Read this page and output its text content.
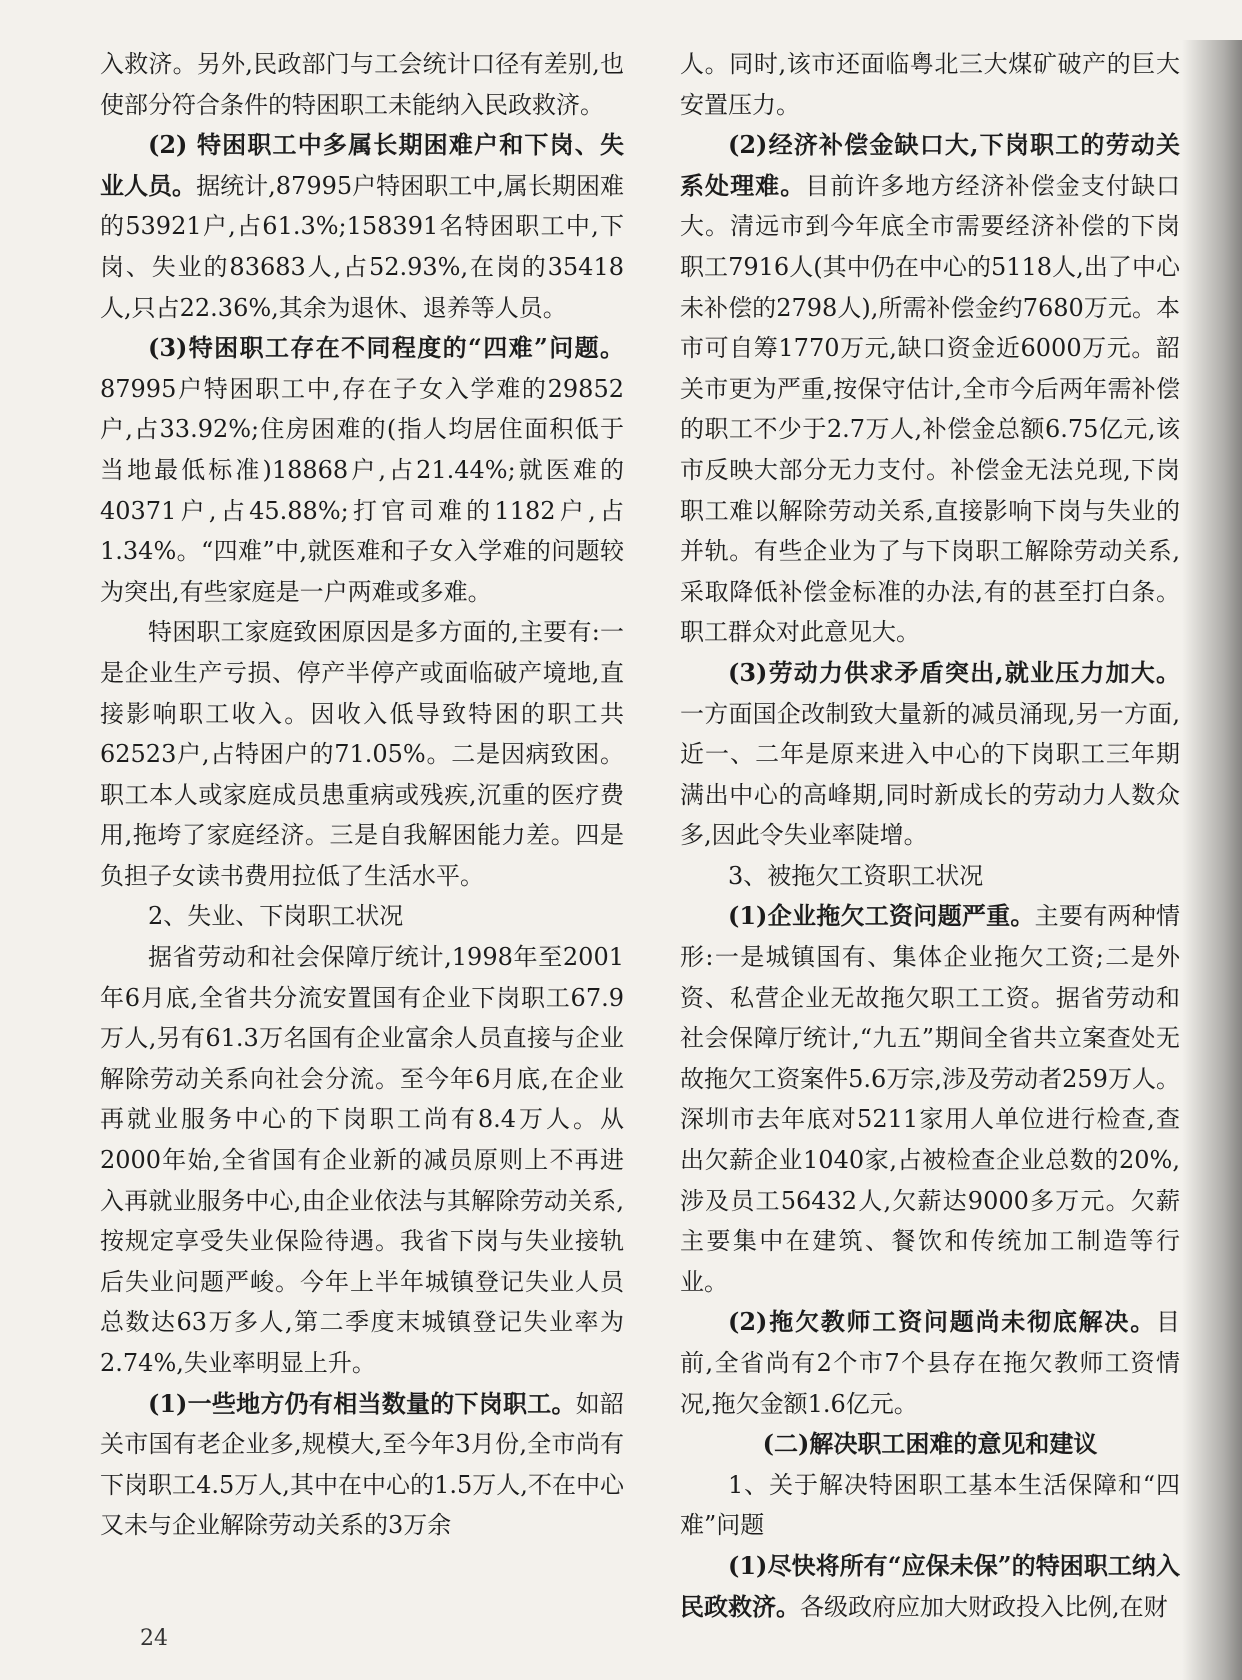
入救济。另外,民政部门与工会统计口径有差别,也使部分符合条件的特困职工未能纳入民政救济。

(2) 特困职工中多属长期困难户和下岗、失业人员。据统计,87995户特困职工中,属长期困难的53921户,占61.3%;158391名特困职工中,下岗、失业的83683人,占52.93%,在岗的35418人,只占22.36%,其余为退休、退养等人员。

(3)特困职工存在不同程度的“四难”问题。87995户特困职工中,存在子女入学难的29852户,占33.92%;住房困难的(指人均居住面积低于当地最低标准)18868户,占21.44%;就医难的40371户,占45.88%;打官司难的1182户,占1.34%。“四难”中,就医难和子女入学难的问题较为突出,有些家庭是一户两难或多难。

特困职工家庭致困原因是多方面的,主要有:一是企业生产亏损、停产半停产或面临破产境地,直接影响职工收入。因收入低导致特困的职工共62523户,占特困户的71.05%。二是因病致困。职工本人或家庭成员患重病或残疾,沉重的医疗费用,拖垮了家庭经济。三是自我解困能力差。四是负担子女读书费用拉低了生活水平。

2、失业、下岗职工状况

据省劳动和社会保障厅统计,1998年至2001年6月底,全省共分流安置国有企业下岗职工67.9万人,另有61.3万名国有企业富余人员直接与企业解除劳动关系向社会分流。至今年6月底,在企业再就业服务中心的下岗职工尚有8.4万人。从2000年始,全省国有企业新的减员原则上不再进入再就业服务中心,由企业依法与其解除劳动关系,按规定享受失业保险待遇。我省下岗与失业接轨后失业问题严峻。今年上半年城镇登记失业人员总数达63万多人,第二季度末城镇登记失业率为2.74%,失业率明显上升。

(1)一些地方仍有相当数量的下岗职工。如韶关市国有老企业多,规模大,至今年3月份,全市尚有下岗职工4.5万人,其中在中心的1.5万人,不在中心又未与企业解除劳动关系的3万余

人。同时,该市还面临粤北三大煤矿破产的巨大安置压力。

(2)经济补偿金缺口大,下岗职工的劳动关系处理难。目前许多地方经济补偿金支付缺口大。清远市到今年底全市需要经济补偿的下岗职工7916人(其中仍在中心的5118人,出了中心未补偿的2798人),所需补偿金约7680万元。本市可自筹1770万元,缺口资金近6000万元。韶关市更为严重,按保守估计,全市今后两年需补偿的职工不少于2.7万人,补偿金总额6.75亿元,该市反映大部分无力支付。补偿金无法兑现,下岗职工难以解除劳动关系,直接影响下岗与失业的并轨。有些企业为了与下岗职工解除劳动关系,采取降低补偿金标准的办法,有的甚至打白条。职工群众对此意见大。

(3)劳动力供求矛盾突出,就业压力加大。一方面国企改制致大量新的减员涌现,另一方面,近一、二年是原来进入中心的下岗职工三年期满出中心的高峰期,同时新成长的劳动力人数众多,因此令失业率陡增。

3、被拖欠工资职工状况

(1)企业拖欠工资问题严重。主要有两种情形:一是城镇国有、集体企业拖欠工资;二是外资、私营企业无故拖欠职工工资。据省劳动和社会保障厅统计,“九五”期间全省共立案查处无故拖欠工资案件5.6万宗,涉及劳动者259万人。深圳市去年底对5211家用人单位进行检查,查出欠薪企业1040家,占被检查企业总数的20%,涉及员工56432人,欠薪达9000多万元。欠薪主要集中在建筑、餐饮和传统加工制造等行业。

(2)拖欠教师工资问题尚未彻底解决。目前,全省尚有2个市7个县存在拖欠教师工资情况,拖欠金额1.6亿元。

(二)解决职工困难的意见和建议

1、关于解决特困职工基本生活保障和“四难”问题

(1)尽快将所有“应保未保”的特困职工纳入民政救济。各级政府应加大财政投入比例,在财

24
